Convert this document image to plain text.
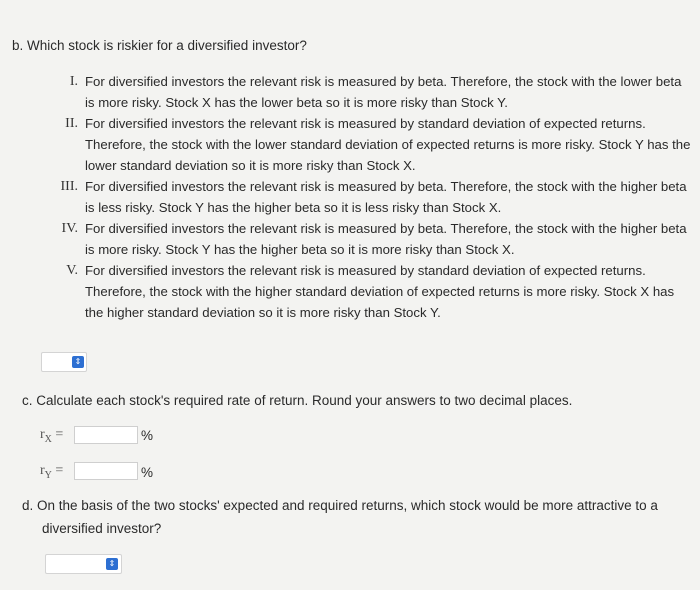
b. Which stock is riskier for a diversified investor?
I. For diversified investors the relevant risk is measured by beta. Therefore, the stock with the lower beta is more risky. Stock X has the lower beta so it is more risky than Stock Y.
II. For diversified investors the relevant risk is measured by standard deviation of expected returns. Therefore, the stock with the lower standard deviation of expected returns is more risky. Stock Y has the lower standard deviation so it is more risky than Stock X.
III. For diversified investors the relevant risk is measured by beta. Therefore, the stock with the higher beta is less risky. Stock Y has the higher beta so it is less risky than Stock X.
IV. For diversified investors the relevant risk is measured by beta. Therefore, the stock with the higher beta is more risky. Stock Y has the higher beta so it is more risky than Stock X.
V. For diversified investors the relevant risk is measured by standard deviation of expected returns. Therefore, the stock with the higher standard deviation of expected returns is more risky. Stock X has the higher standard deviation so it is more risky than Stock Y.
⇕
c. Calculate each stock's required rate of return. Round your answers to two decimal places.
$r_X$ =	%
$r_Y$ =	%
d. On the basis of the two stocks' expected and required returns, which stock would be more attractive to a
diversified investor?
⇕
